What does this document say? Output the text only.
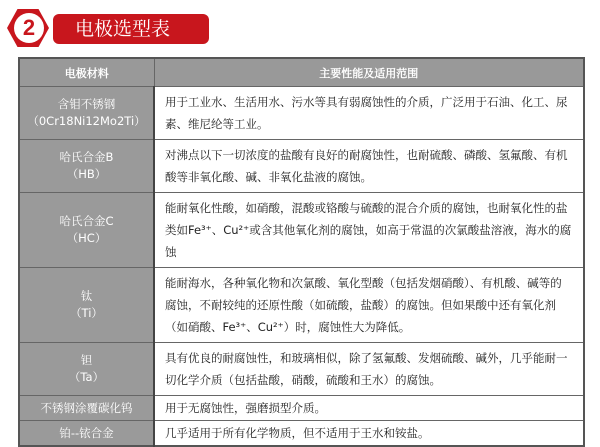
2	电极选型表
电极材料	主要性能及适用范围

含钼不锈钢
（0Cr18Ni12Mo2Ti）	用于工业水、生活用水、污水等具有弱腐蚀性的介质，广泛用于石油、化工、尿素、维尼纶等工业。

哈氏合金B
（HB）	对沸点以下一切浓度的盐酸有良好的耐腐蚀性，也耐硫酸、磷酸、氢氟酸、有机酸等非氧化酸、碱、非氧化盐液的腐蚀。

哈氏合金C
（HC）	能耐氧化性酸，如硝酸，混酸或铬酸与硫酸的混合介质的腐蚀，也耐氧化性的盐类如Fe³⁺、Cu²⁺或含其他氧化剂的腐蚀，如高于常温的次氯酸盐溶液，海水的腐蚀

钛
（Ti）	能耐海水，各种氧化物和次氯酸、氧化型酸（包括发烟硝酸）、有机酸、碱等的腐蚀，不耐较纯的还原性酸（如硫酸，盐酸）的腐蚀。但如果酸中还有氧化剂（如硝酸、Fe³⁺、Cu²⁺）时，腐蚀性大为降低。

钽
（Ta）	具有优良的耐腐蚀性，和玻璃相似，除了氢氟酸、发烟硫酸、碱外，几乎能耐一切化学介质（包括盐酸，硝酸，硫酸和王水）的腐蚀。

不锈钢涂覆碳化钨	用于无腐蚀性，强磨损型介质。

铂--铱合金	几乎适用于所有化学物质，但不适用于王水和铵盐。
